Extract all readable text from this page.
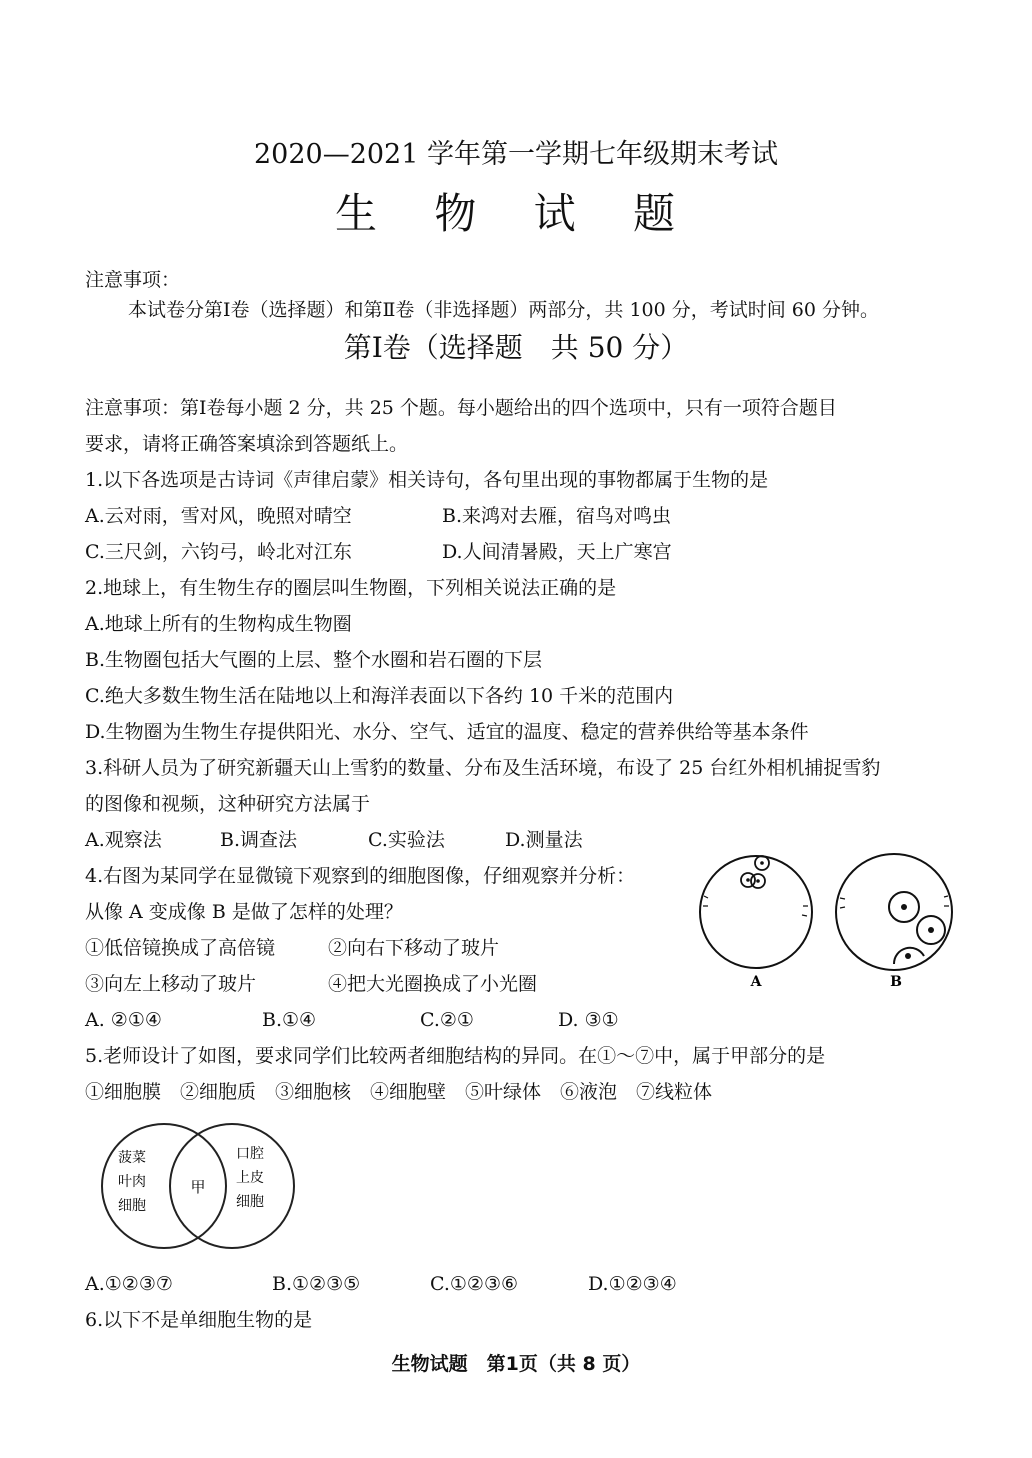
2020—2021 学年第一学期七年级期末考试
生 物 试 题
注意事项：
本试卷分第Ⅰ卷（选择题）和第Ⅱ卷（非选择题）两部分，共 100 分，考试时间 60 分钟。
第Ⅰ卷（选择题　共 50 分）
注意事项：第Ⅰ卷每小题 2 分，共 25 个题。每小题给出的四个选项中，只有一项符合题目
要求，请将正确答案填涂到答题纸上。
1.以下各选项是古诗词《声律启蒙》相关诗句，各句里出现的事物都属于生物的是
A.云对雨，雪对风，晚照对晴空	B.来鸿对去雁，宿鸟对鸣虫
C.三尺剑，六钧弓，岭北对江东	D.人间清暑殿，天上广寒宫
2.地球上，有生物生存的圈层叫生物圈，下列相关说法正确的是
A.地球上所有的生物构成生物圈
B.生物圈包括大气圈的上层、整个水圈和岩石圈的下层
C.绝大多数生物生活在陆地以上和海洋表面以下各约 10 千米的范围内
D.生物圈为生物生存提供阳光、水分、空气、适宜的温度、稳定的营养供给等基本条件
3.科研人员为了研究新疆天山上雪豹的数量、分布及生活环境，布设了 25 台红外相机捕捉雪豹
的图像和视频，这种研究方法属于
A.观察法	B.调查法	C.实验法	D.测量法
4.右图为某同学在显微镜下观察到的细胞图像，仔细观察并分析：
从像 A 变成像 B 是做了怎样的处理？
①低倍镜换成了高倍镜	②向右下移动了玻片
③向左上移动了玻片	④把大光圈换成了小光圈
A. ②①④	B.①④	C.②①	D. ③①
A	B
5.老师设计了如图，要求同学们比较两者细胞结构的异同。在①～⑦中，属于甲部分的是
①细胞膜　②细胞质　③细胞核　④细胞壁　⑤叶绿体　⑥液泡　⑦线粒体
菠菜
叶肉
细胞
甲
口腔
上皮
细胞
A.①②③⑦	B.①②③⑤	C.①②③⑥	D.①②③④
6.以下不是单细胞生物的是
生物试题　第1页（共 8 页）
